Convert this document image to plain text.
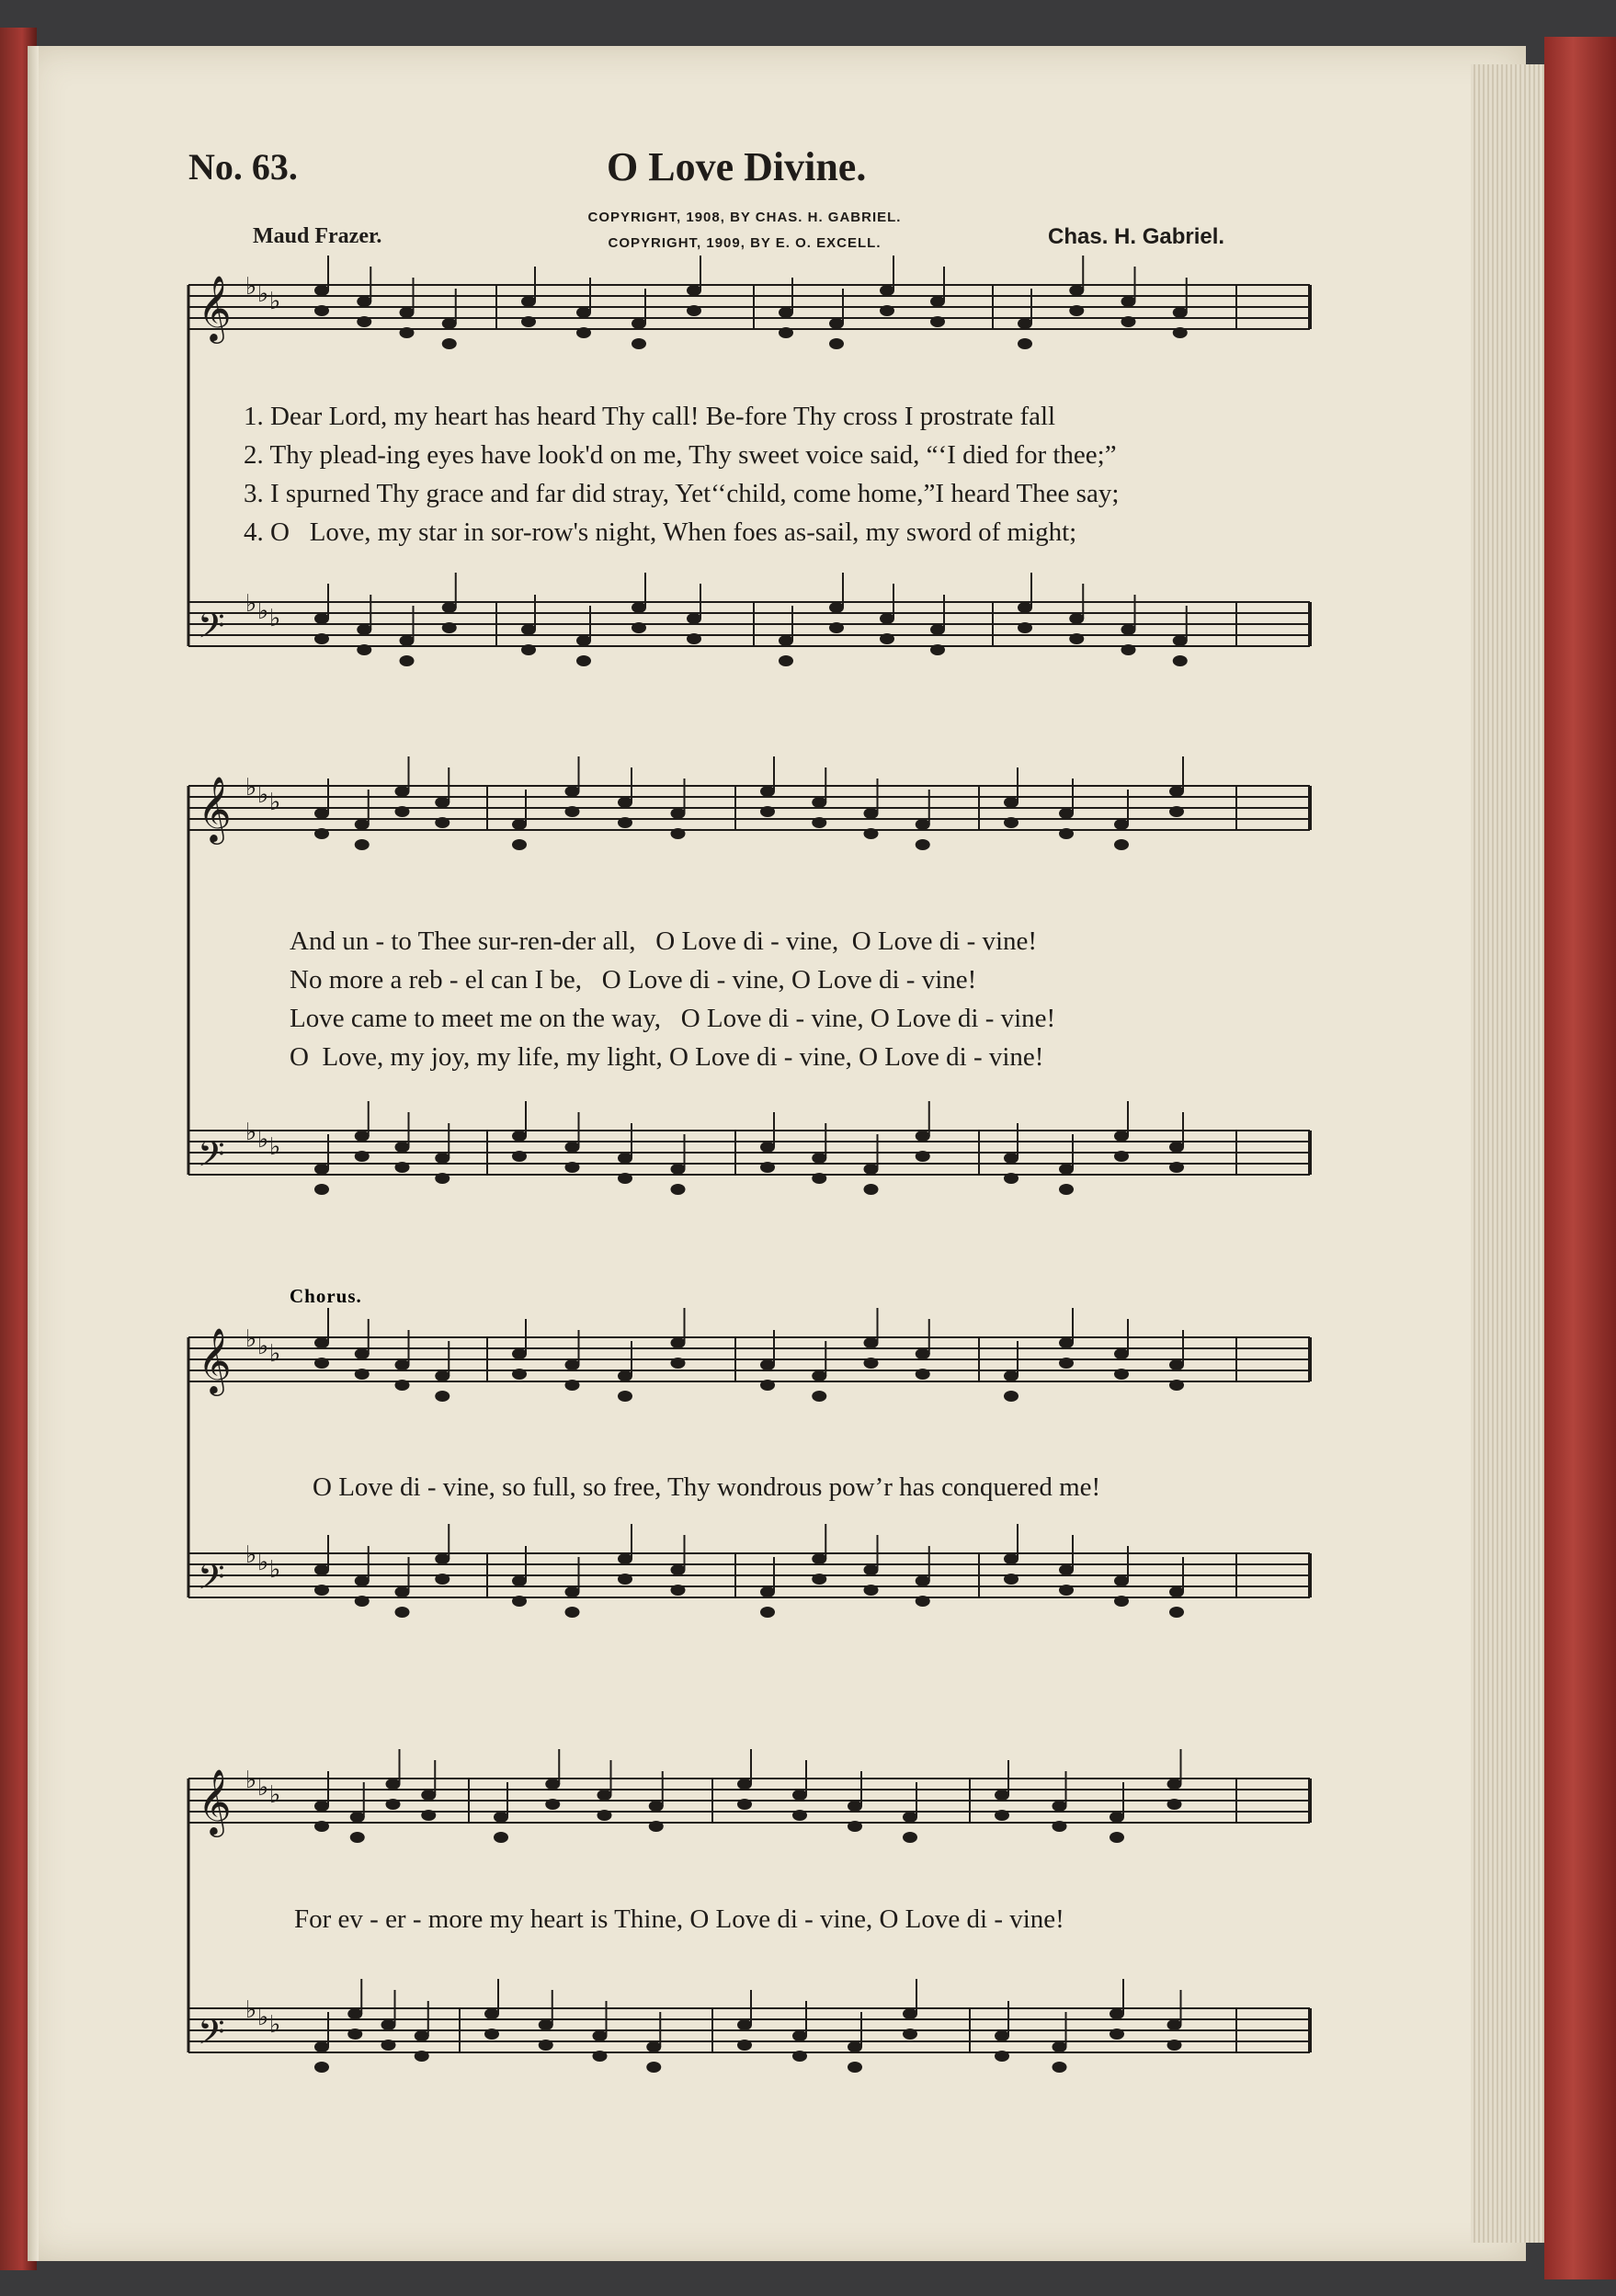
No. 63.	O Love Divine.
COPYRIGHT, 1908, BY CHAS. H. GABRIEL.
COPYRIGHT, 1909, BY E. O. EXCELL.
Maud Frazer.	Chas. H. Gabriel.
𝄞 ♭ ♭ ♭
𝄢
♭ ♭ ♭
𝄞 ♭ ♭ ♭
𝄢
♭ ♭ ♭
𝄞 ♭ ♭ ♭
𝄢
♭ ♭ ♭
𝄞 ♭ ♭ ♭
𝄢
♭ ♭ ♭
1. Dear Lord, my heart has heard Thy call! Be-fore Thy cross I prostrate fall
2. Thy plead-ing eyes have look'd on me, Thy sweet voice said, “‘I died for thee;”
3. I spurned Thy grace and far did stray, Yet‘‘child, come home,”I heard Thee say;
4. O   Love, my star in sor-row's night, When foes as-sail, my sword of might;
And un - to Thee sur-ren-der all,   O Love di - vine,  O Love di - vine!
No more a reb - el can I be,   O Love di - vine, O Love di - vine!
Love came to meet me on the way,   O Love di - vine, O Love di - vine!
O  Love, my joy, my life, my light, O Love di - vine, O Love di - vine!
Chorus.
O Love di - vine, so full, so free, Thy wondrous pow’r has conquered me!
For ev - er - more my heart is Thine, O Love di - vine, O Love di - vine!
